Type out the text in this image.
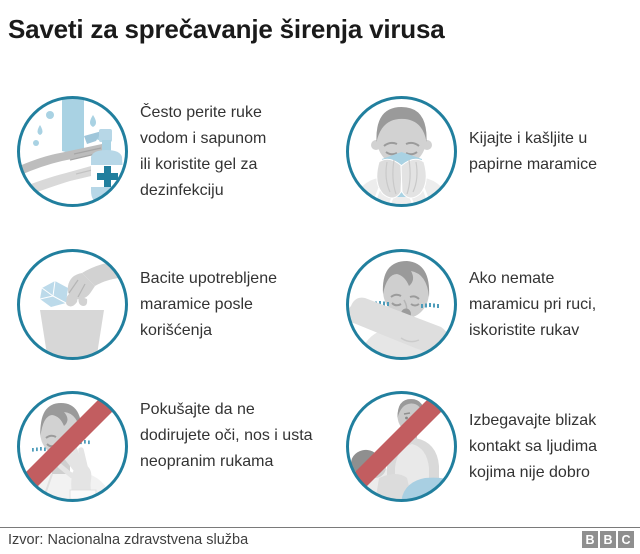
Saveti za sprečavanje širenja virusa
Često perite ruke
vodom i sapunom
ili koristite gel za
dezinfekciju
Kijajte i kašljite u
papirne maramice
Bacite upotrebljene
maramice posle
korišćenja
Ako nemate
maramicu pri ruci,
iskoristite rukav
Pokušajte da ne
dodirujete oči, nos i usta
neopranim rukama
Izbegavajte blizak
kontakt sa ljudima
kojima nije dobro
Izvor: Nacionalna zdravstvena služba	B B C
